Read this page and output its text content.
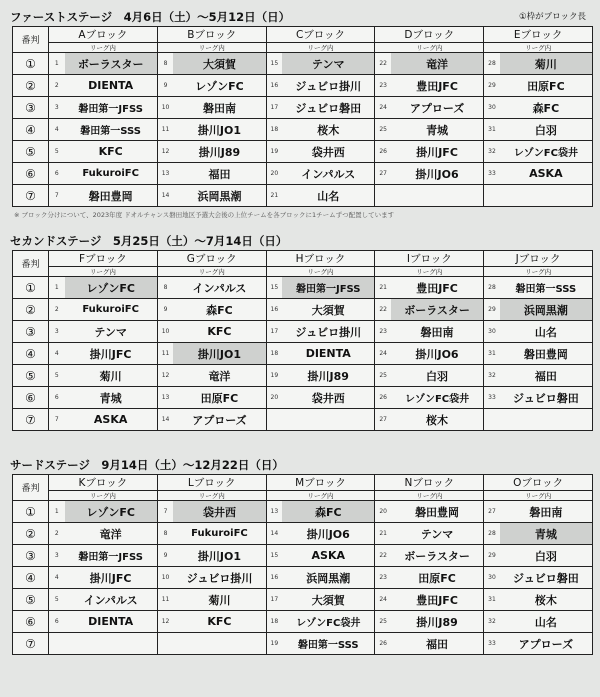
ファーストステージ　4月6日（土）～5月12日（日）	①枠がブロック長
番判	Aブロック		Bブロック		Cブロック		Dブロック		Eブロック	
	リーグ内		リーグ内		リーグ内		リーグ内		リーグ内	
①	1	ボーラスター	8	大須賀	15	テンマ	22	竜洋	28	菊川
②	2	DIENTA	9	レゾンFC	16	ジュビロ掛川	23	豊田JFC	29	田原FC
③	3	磐田第一JFSS	10	磐田南	17	ジュビロ磐田	24	アプローズ	30	森FC
④	4	磐田第一SSS	11	掛川JO1	18	桜木	25	青城	31	白羽
⑤	5	KFC	12	掛川J89	19	袋井西	26	掛川JFC	32	レゾンFC袋井
⑥	6	FukuroiFC	13	福田	20	インパルス	27	掛川JO6	33	ASKA
⑦	7	磐田豊岡	14	浜岡黒潮	21	山名				
※ ブロック分けについて、2023年度 ドオルチャンス磐田地区予選大会後の上位チームを各ブロックに1チームずつ配置しています
セカンドステージ　5月25日（土）～7月14日（日）
番判	Fブロック		Gブロック		Hブロック		Iブロック		Jブロック	
	リーグ内		リーグ内		リーグ内		リーグ内		リーグ内	
①	1	レゾンFC	8	インパルス	15	磐田第一JFSS	21	豊田JFC	28	磐田第一SSS
②	2	FukuroiFC	9	森FC	16	大須賀	22	ボーラスター	29	浜岡黒潮
③	3	テンマ	10	KFC	17	ジュビロ掛川	23	磐田南	30	山名
④	4	掛川JFC	11	掛川JO1	18	DIENTA	24	掛川JO6	31	磐田豊岡
⑤	5	菊川	12	竜洋	19	掛川J89	25	白羽	32	福田
⑥	6	青城	13	田原FC	20	袋井西	26	レゾンFC袋井	33	ジュビロ磐田
⑦	7	ASKA	14	アプローズ			27	桜木		
サードステージ　9月14日（土）～12月22日（日）
番判	Kブロック		Lブロック		Mブロック		Nブロック		Oブロック	
	リーグ内		リーグ内		リーグ内		リーグ内		リーグ内	
①	1	レゾンFC	7	袋井西	13	森FC	20	磐田豊岡	27	磐田南
②	2	竜洋	8	FukuroiFC	14	掛川JO6	21	テンマ	28	青城
③	3	磐田第一JFSS	9	掛川JO1	15	ASKA	22	ボーラスター	29	白羽
④	4	掛川JFC	10	ジュビロ掛川	16	浜岡黒潮	23	田原FC	30	ジュビロ磐田
⑤	5	インパルス	11	菊川	17	大須賀	24	豊田JFC	31	桜木
⑥	6	DIENTA	12	KFC	18	レゾンFC袋井	25	掛川J89	32	山名
⑦					19	磐田第一SSS	26	福田	33	アプローズ
